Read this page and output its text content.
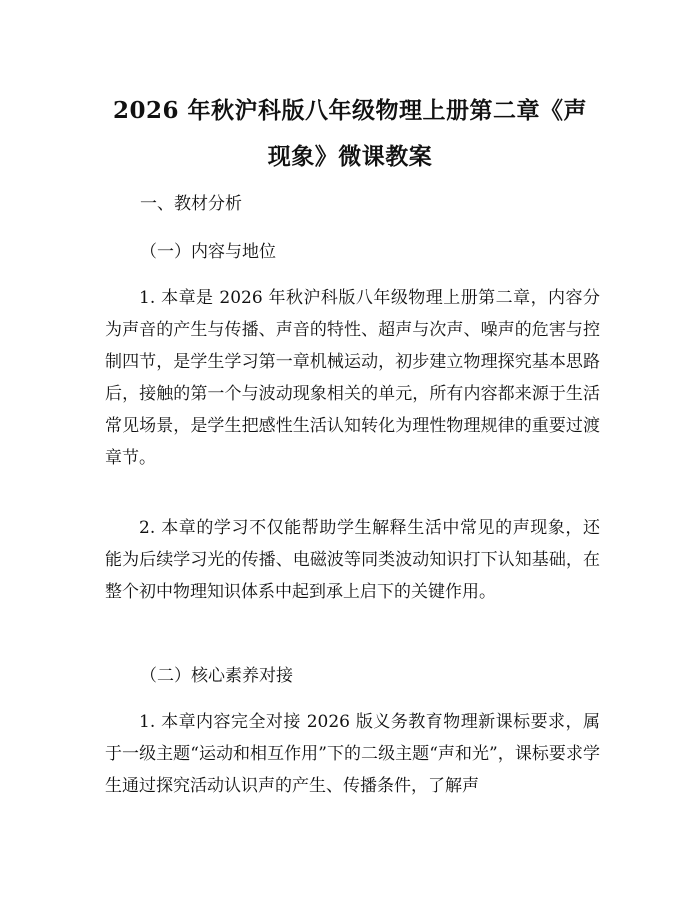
2026 年秋沪科版八年级物理上册第二章《声
现象》微课教案
一、教材分析
（一）内容与地位

1. 本章是 2026 年秋沪科版八年级物理上册第二章，内容分为声音的产生与传播、声音的特性、超声与次声、噪声的危害与控制四节，是学生学习第一章机械运动，初步建立物理探究基本思路后，接触的第一个与波动现象相关的单元，所有内容都来源于生活常见场景，是学生把感性生活认知转化为理性物理规律的重要过渡章节。

2. 本章的学习不仅能帮助学生解释生活中常见的声现象，还能为后续学习光的传播、电磁波等同类波动知识打下认知基础，在整个初中物理知识体系中起到承上启下的关键作用。

（二）核心素养对接

1. 本章内容完全对接 2026 版义务教育物理新课标要求，属于一级主题“运动和相互作用”下的二级主题“声和光”，课标要求学生通过探究活动认识声的产生、传播条件，了解声
